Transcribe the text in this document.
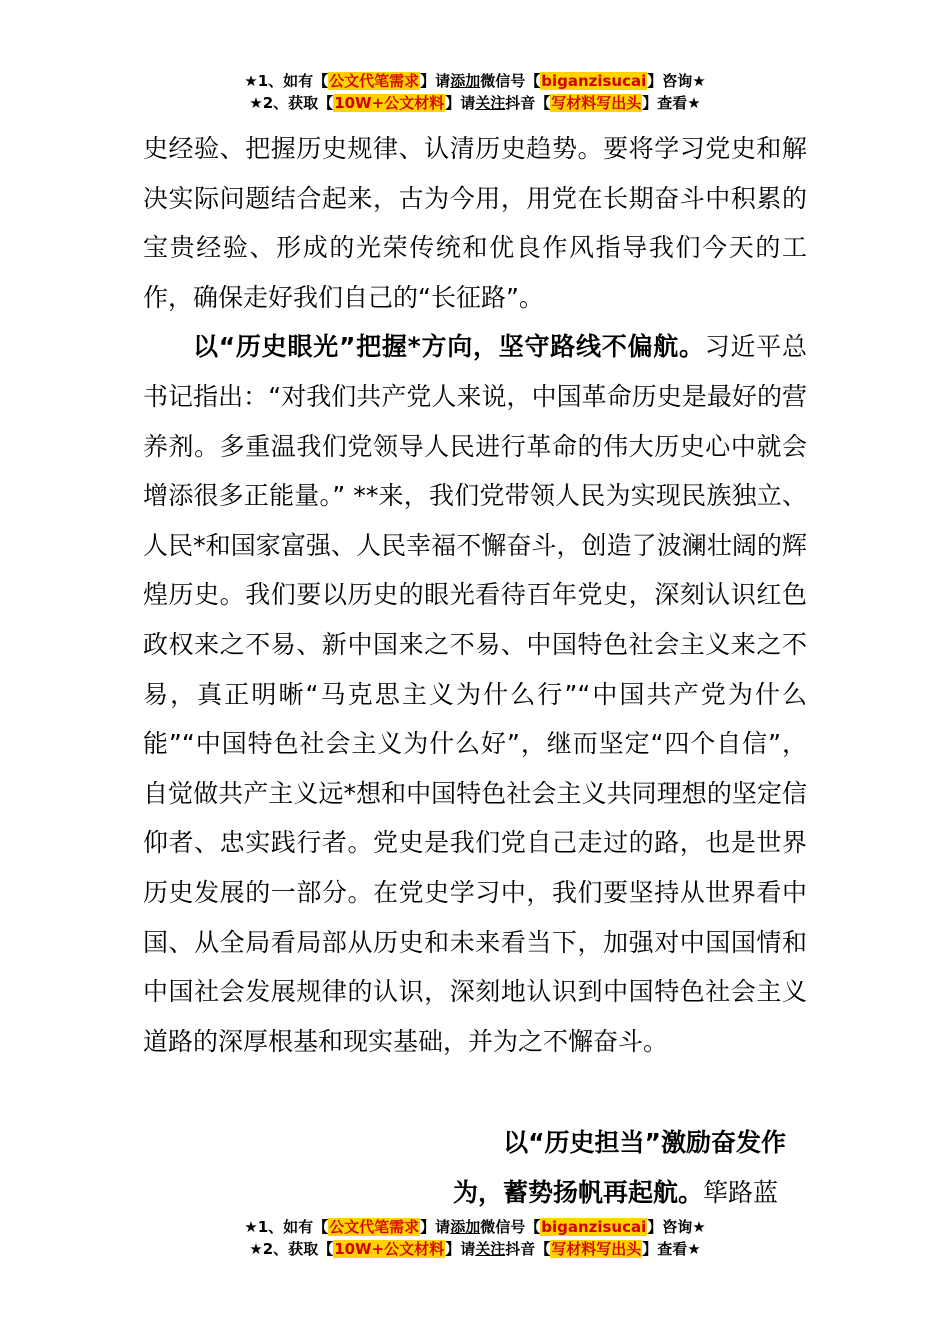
★1、如有【公文代笔需求】请添加微信号【biganzisucai】咨询★
★2、获取【10W+公文材料】请关注抖音【写材料写出头】查看★

史经验、把握历史规律、认清历史趋势。要将学习党史和解决实际问题结合起来，古为今用，用党在长期奋斗中积累的宝贵经验、形成的光荣传统和优良作风指导我们今天的工作，确保走好我们自己的“长征路”。

以“历史眼光”把握*方向，坚守路线不偏航。习近平总书记指出：“对我们共产党人来说，中国革命历史是最好的营养剂。多重温我们党领导人民进行革命的伟大历史心中就会增添很多正能量。” **来，我们党带领人民为实现民族独立、人民*和国家富强、人民幸福不懈奋斗，创造了波澜壮阔的辉煌历史。我们要以历史的眼光看待百年党史，深刻认识红色政权来之不易、新中国来之不易、中国特色社会主义来之不易，真正明晰“马克思主义为什么行”“中国共产党为什么能”“中国特色社会主义为什么好”，继而坚定“四个自信”，自觉做共产主义远*想和中国特色社会主义共同理想的坚定信仰者、忠实践行者。党史是我们党自己走过的路，也是世界历史发展的一部分。在党史学习中，我们要坚持从世界看中国、从全局看局部从历史和未来看当下，加强对中国国情和中国社会发展规律的认识，深刻地认识到中国特色社会主义道路的深厚根基和现实基础，并为之不懈奋斗。

以“历史担当”激励奋发作
为，蓄势扬帆再起航。筚路蓝
★1、如有【公文代笔需求】请添加微信号【biganzisucai】咨询★
★2、获取【10W+公文材料】请关注抖音【写材料写出头】查看★
